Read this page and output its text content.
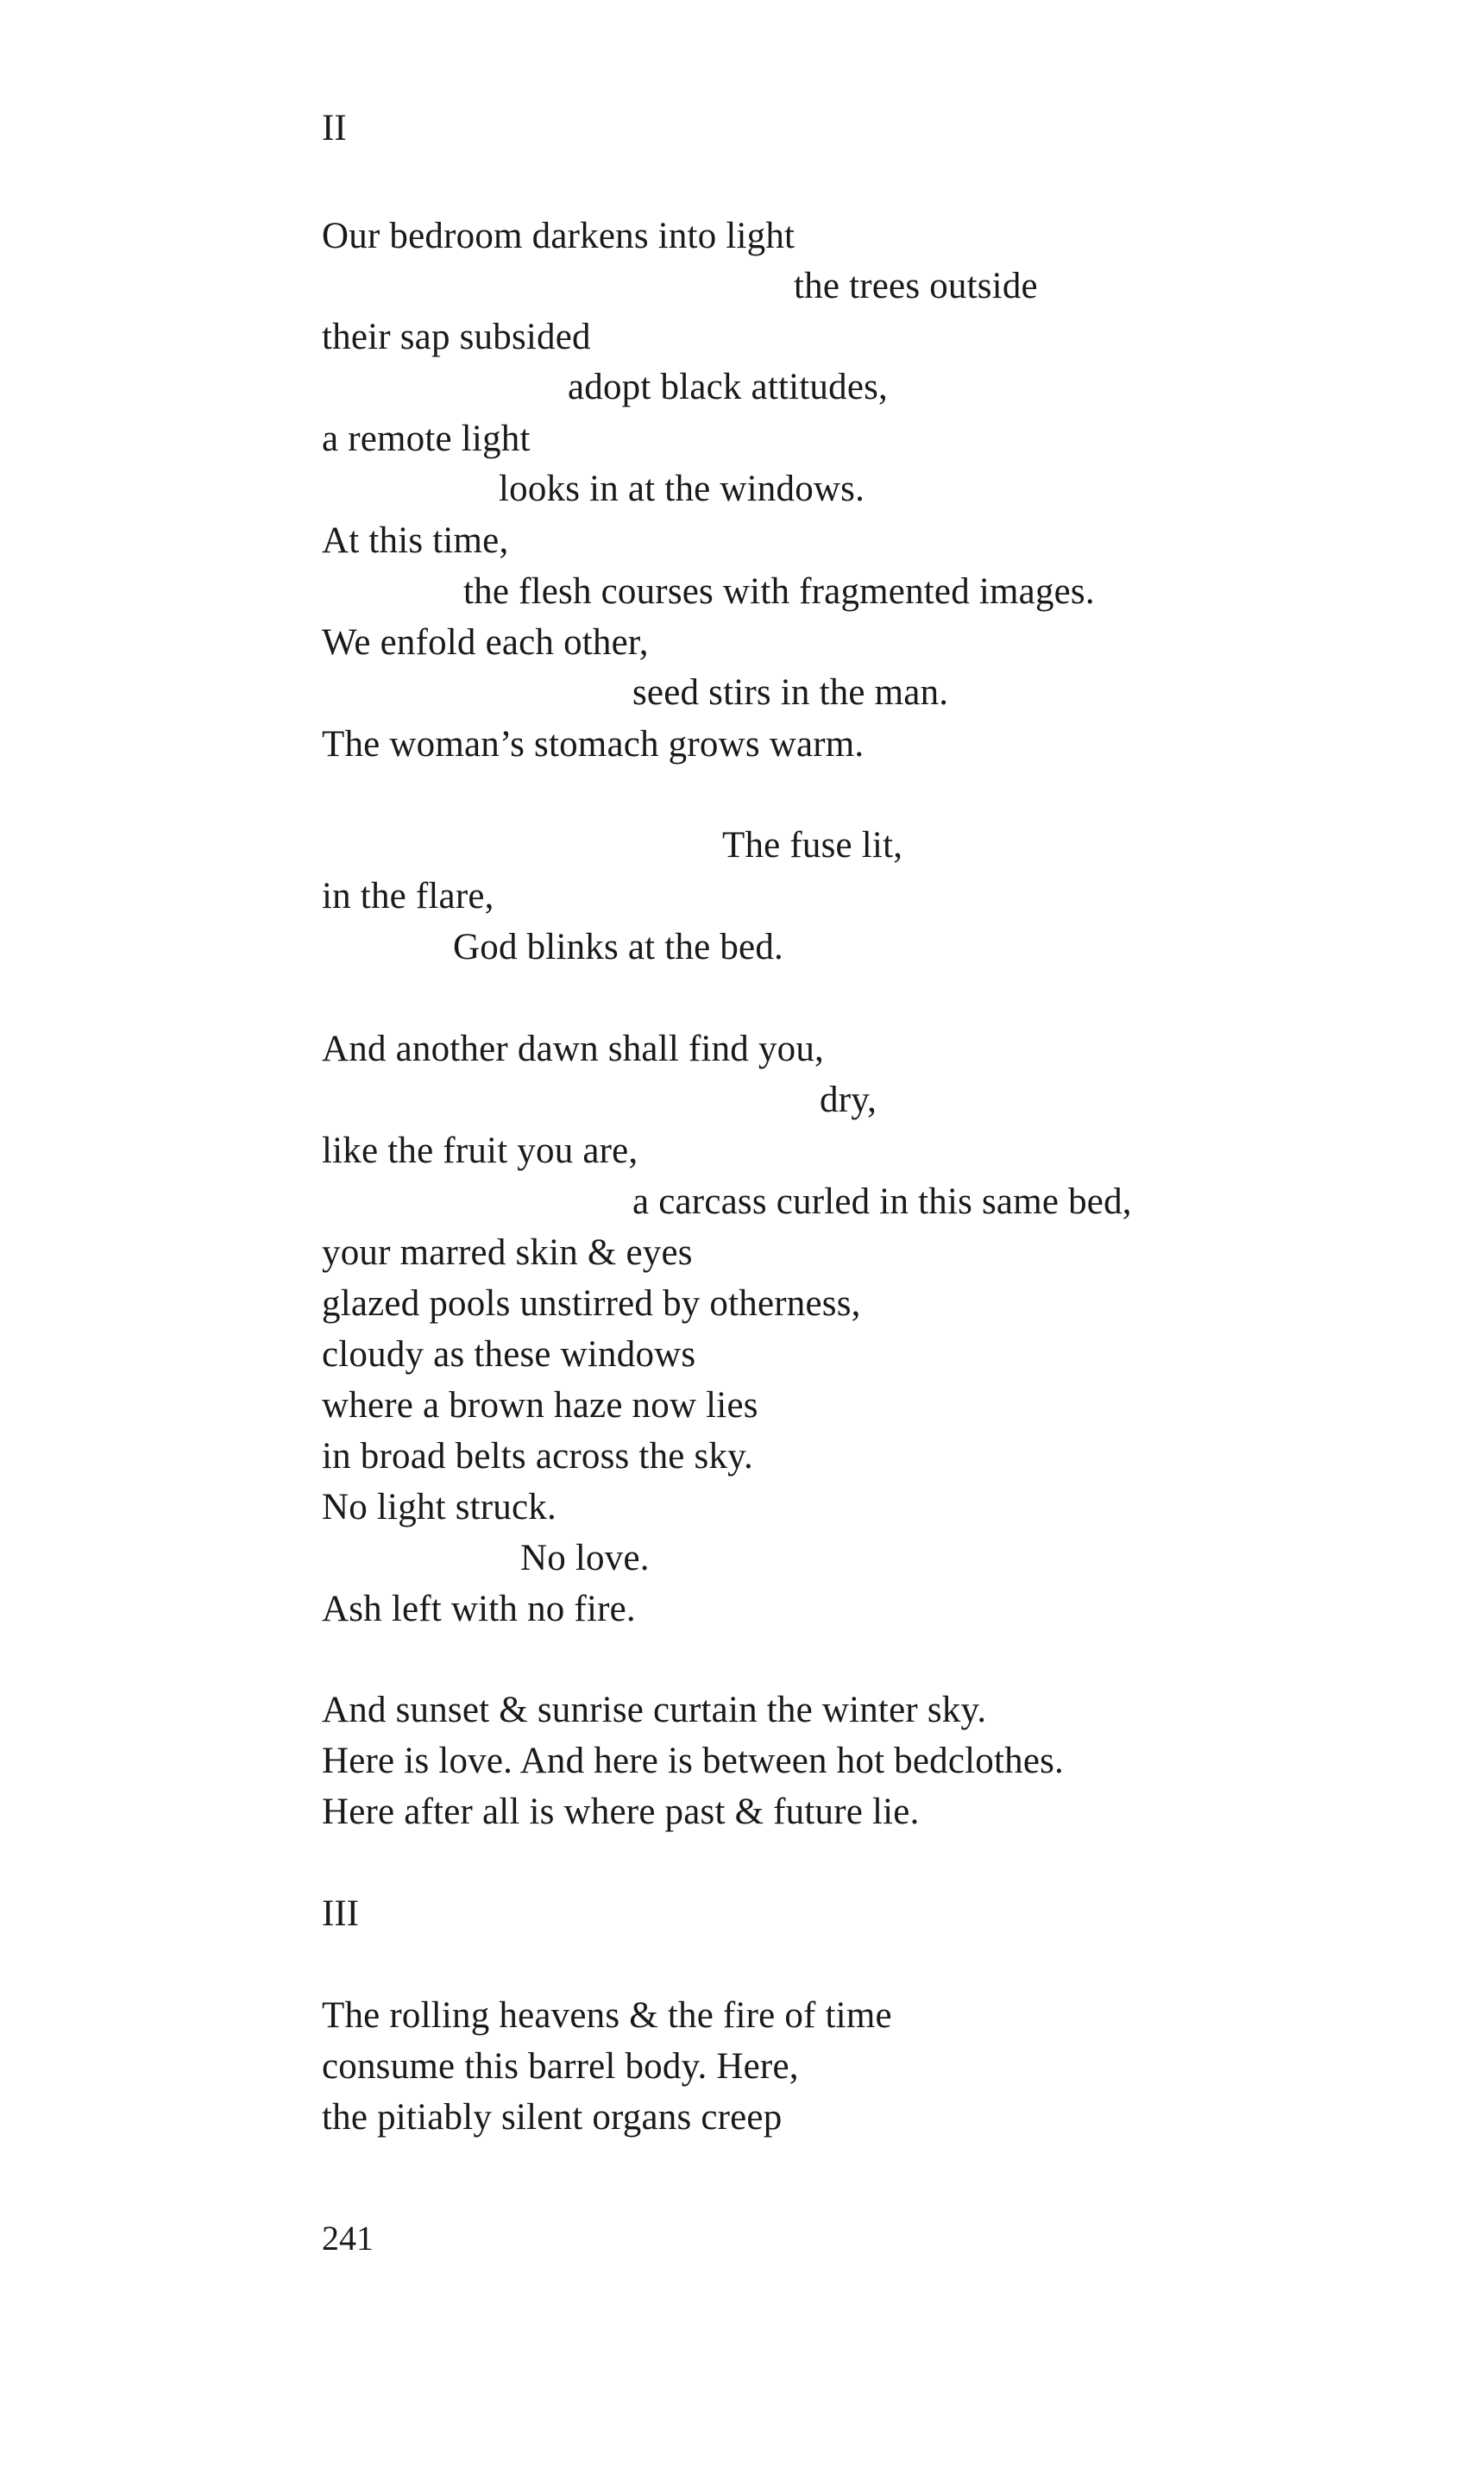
II
Our bedroom darkens into light
the trees outside
their sap subsided
adopt black attitudes,
a remote light
looks in at the windows.
At this time,
the flesh courses with fragmented images.
We enfold each other,
seed stirs in the man.
The woman’s stomach grows warm.
The fuse lit,
in the flare,
God blinks at the bed.
And another dawn shall find you,
dry,
like the fruit you are,
a carcass curled in this same bed,
your marred skin & eyes
glazed pools unstirred by otherness,
cloudy as these windows
where a brown haze now lies
in broad belts across the sky.
No light struck.
No love.
Ash left with no fire.
And sunset & sunrise curtain the winter sky.
Here is love. And here is between hot bedclothes.
Here after all is where past & future lie.
III
The rolling heavens & the fire of time
consume this barrel body. Here,
the pitiably silent organs creep
241
